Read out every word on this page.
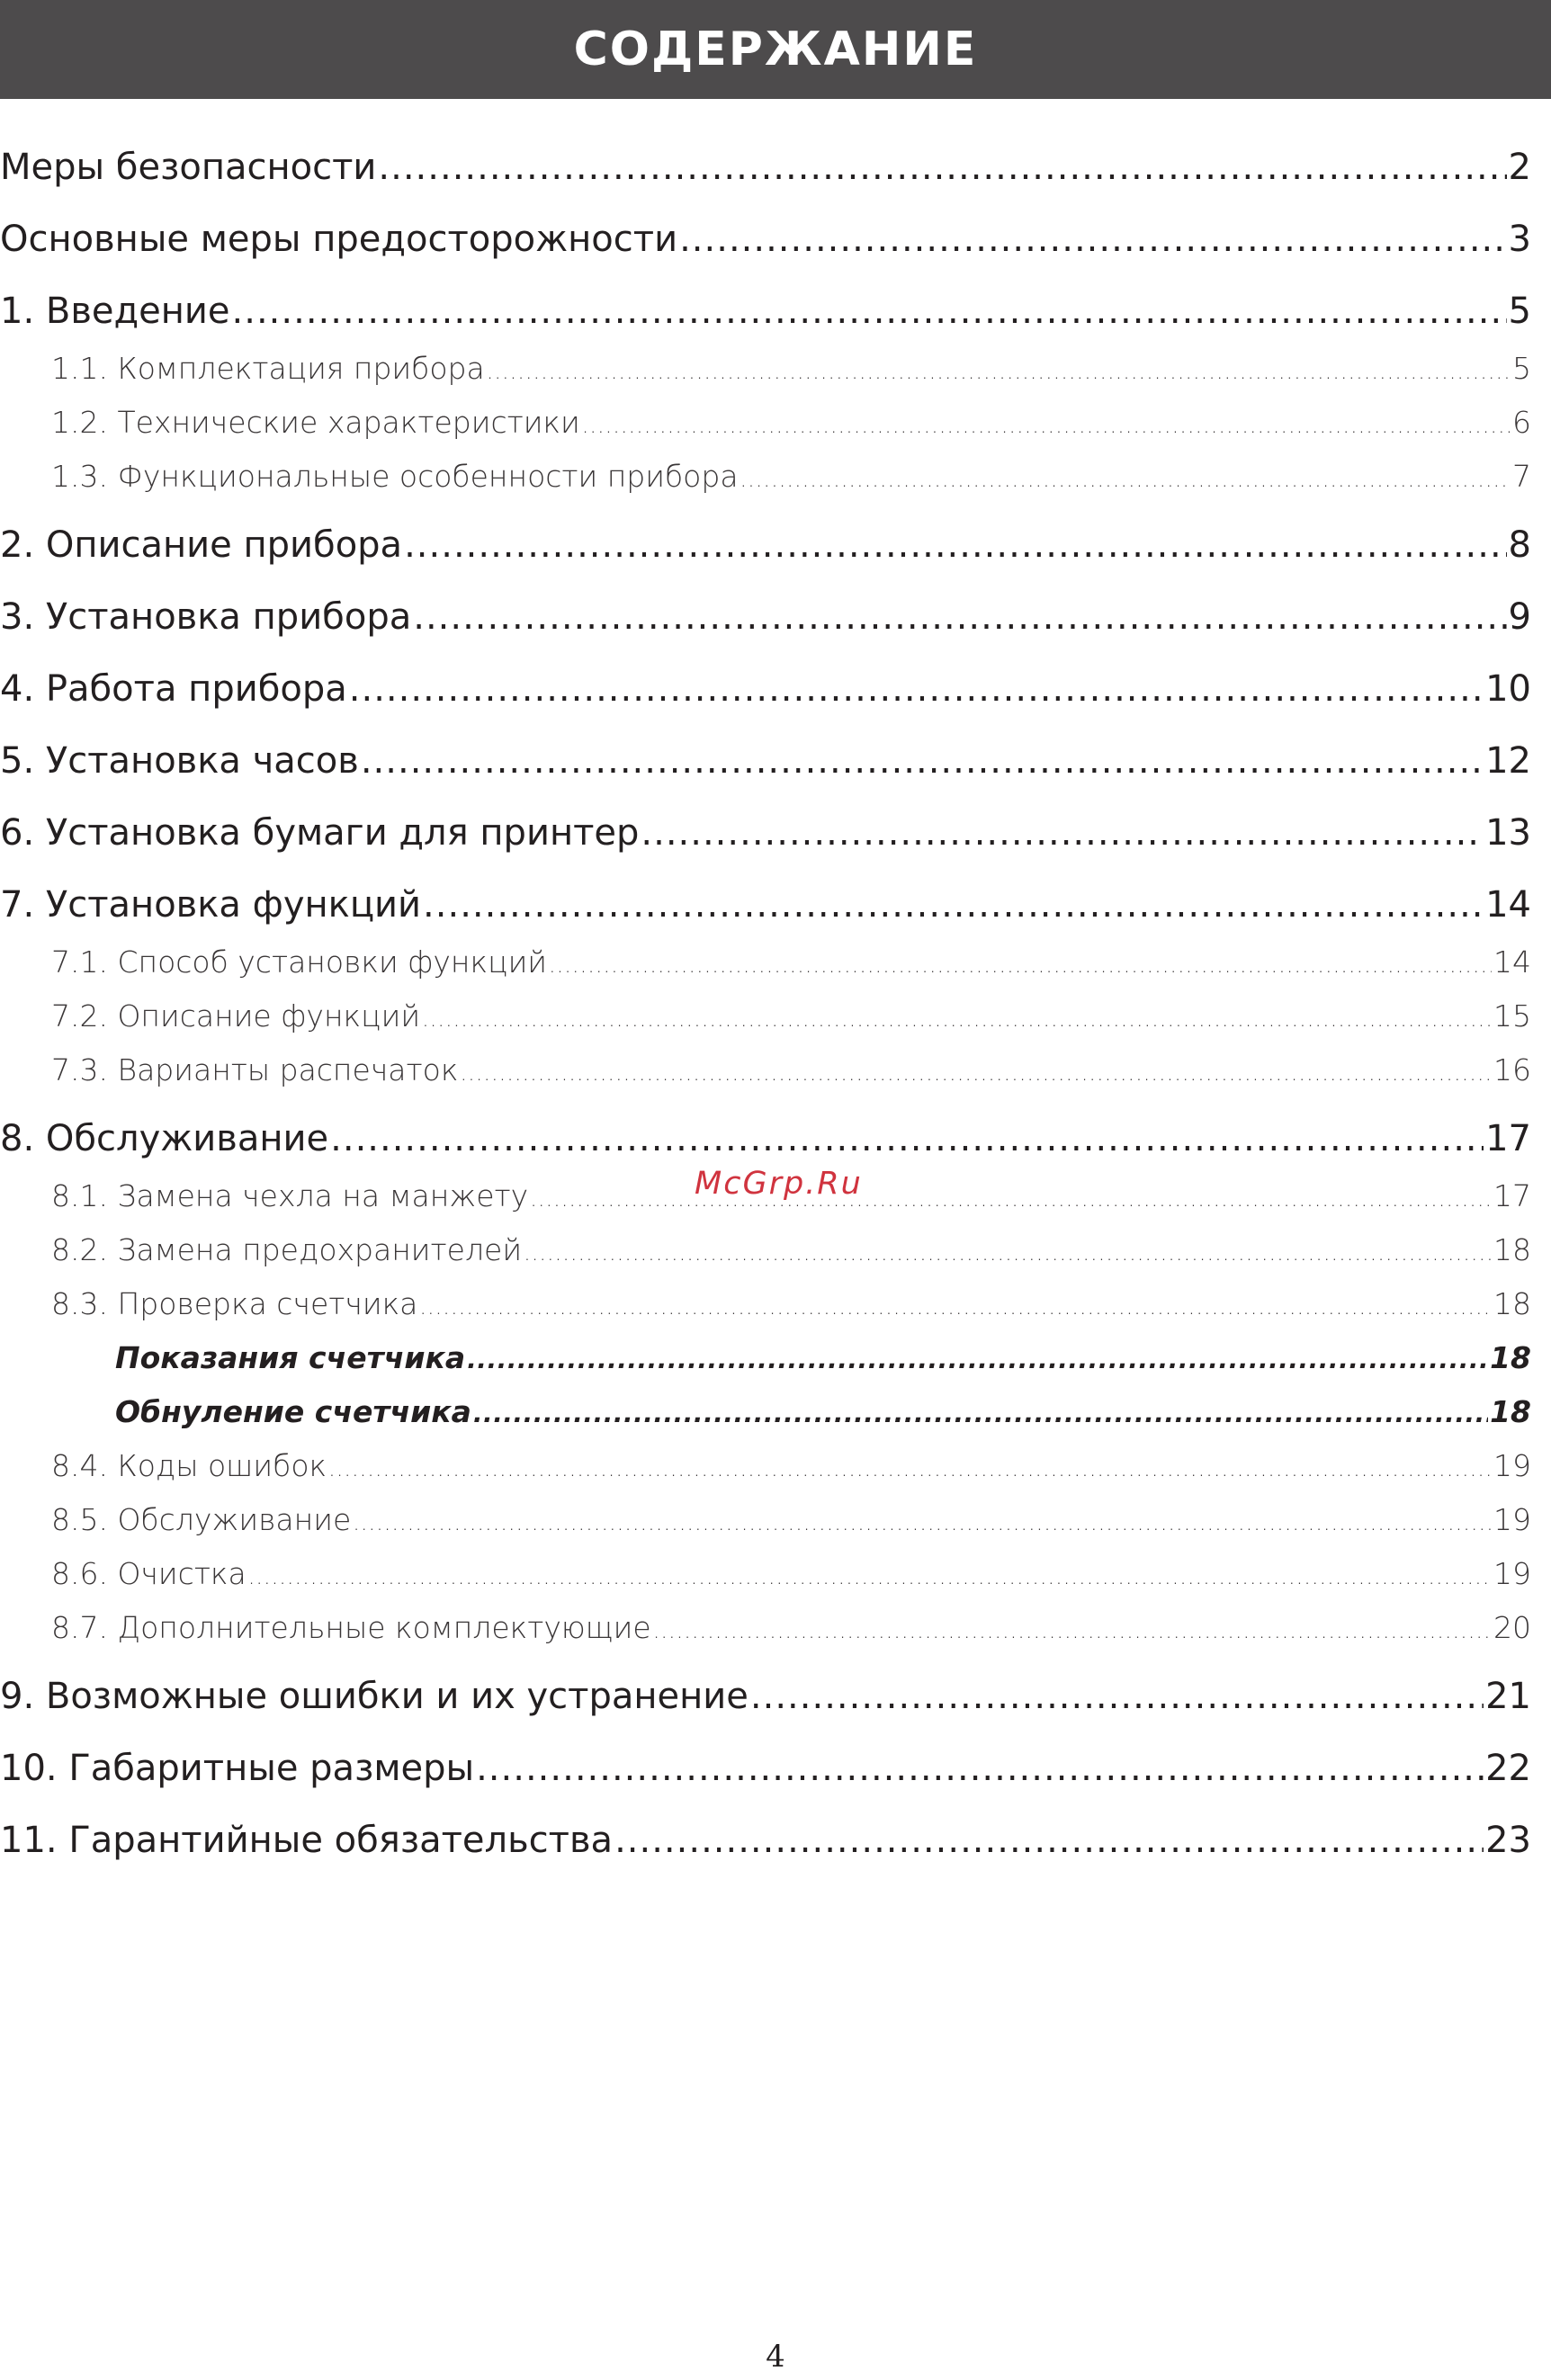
СОДЕРЖАНИЕ
Меры безопасности .....	2
Основные меры предосторожности .....	3
1. Введение .....	5
1.1. Комплектация прибора .....	5
1.2. Технические характеристики .....	6
1.3. Функциональные особенности прибора .....	7
2. Описание прибора .....	8
3. Установка прибора .....	9
4. Работа прибора .....	10
5. Установка часов .....	12
6. Установка бумаги для принтер .....	13
7. Установка функций .....	14
7.1. Способ установки функций .....	14
7.2. Описание функций .....	15
7.3. Варианты распечаток .....	16
8. Обслуживание .....	17
8.1. Замена чехла на манжету .....	17
8.2. Замена предохранителей .....	18
8.3. Проверка счетчика .....	18
Показания счетчика .....	18
Обнуление счетчика .....	18
8.4. Коды ошибок .....	19
8.5. Обслуживание .....	19
8.6. Очистка .....	19
8.7. Дополнительные комплектующие .....	20
9. Возможные ошибки и их устранение .....	21
10. Габаритные размеры .....	22
11. Гарантийные обязательства .....	23
McGrp.Ru
4
